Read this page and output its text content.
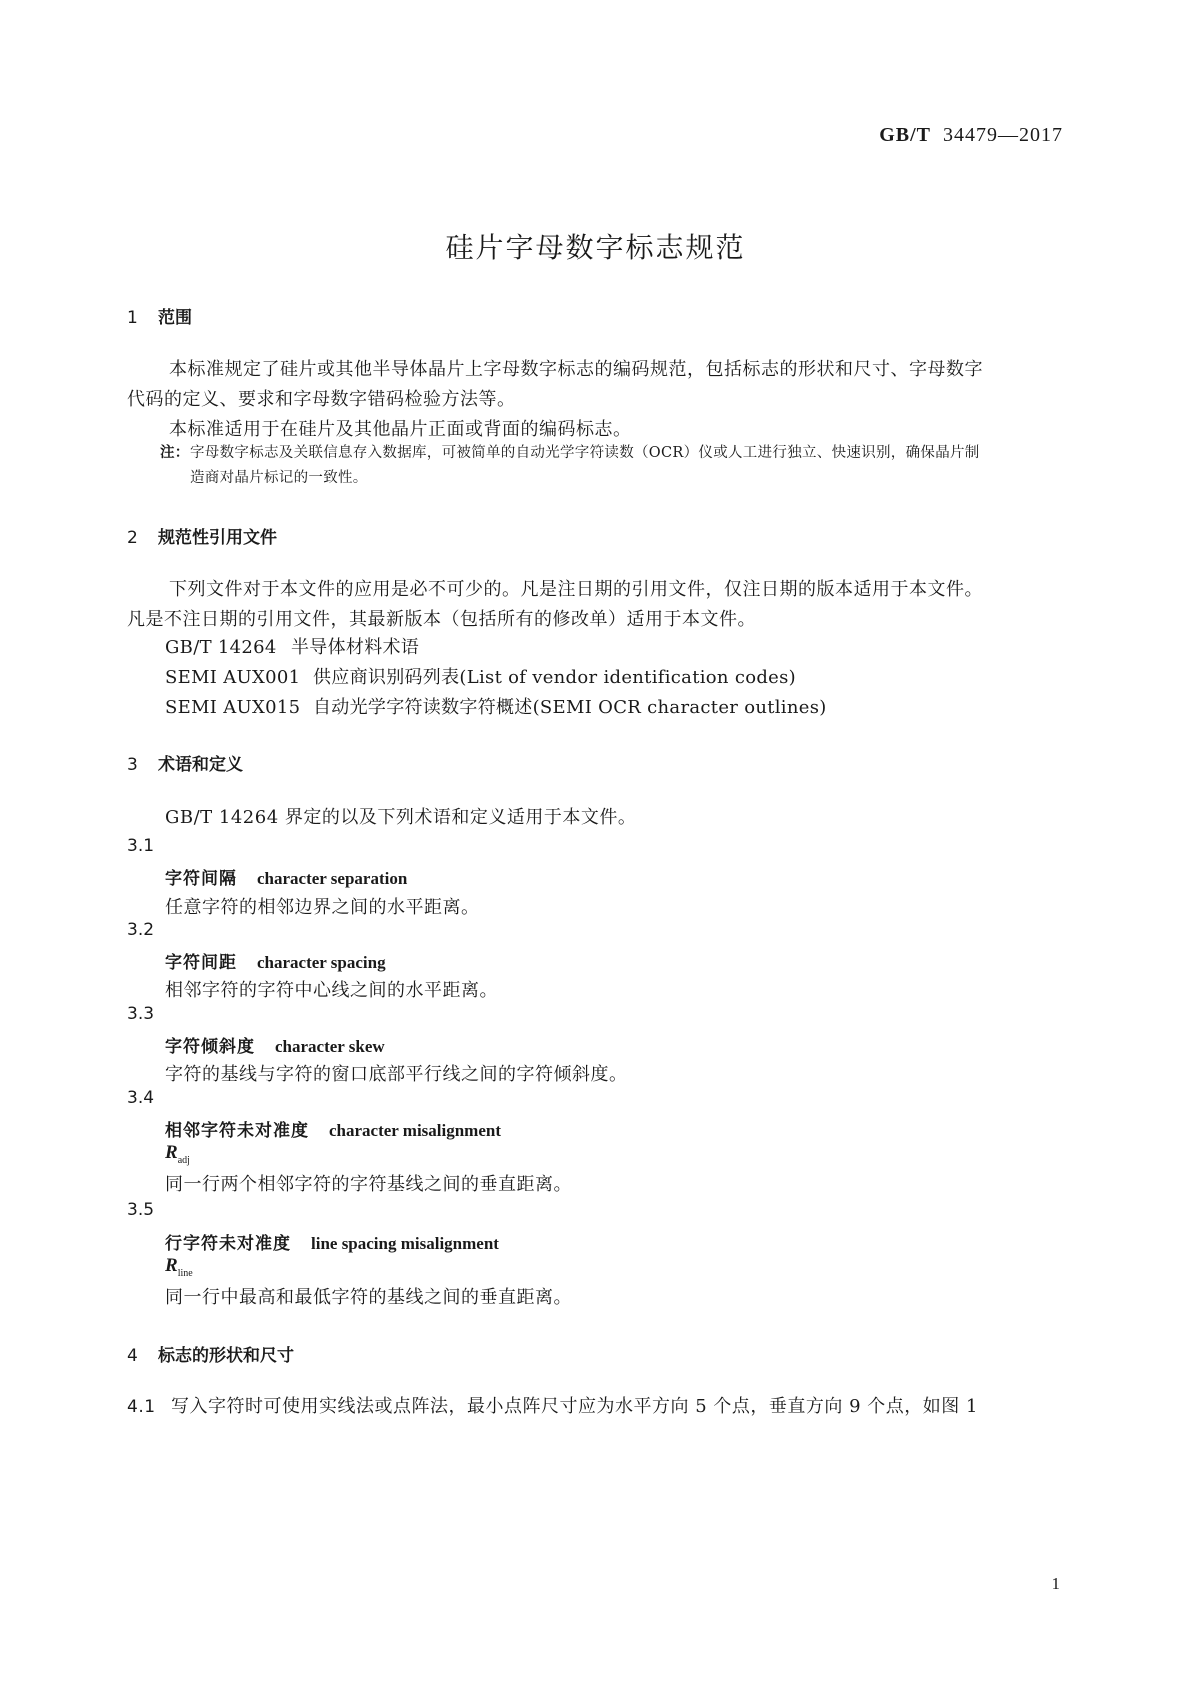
GB/T 34479—2017
硅片字母数字标志规范
1 范围

本标准规定了硅片或其他半导体晶片上字母数字标志的编码规范，包括标志的形状和尺寸、字母数字代码的定义、要求和字母数字错码检验方法等。

本标准适用于在硅片及其他晶片正面或背面的编码标志。

注： 字母数字标志及关联信息存入数据库，可被简单的自动光学字符读数（OCR）仪或人工进行独立、快速识别，确保晶片制造商对晶片标记的一致性。
2 规范性引用文件

下列文件对于本文件的应用是必不可少的。凡是注日期的引用文件，仅注日期的版本适用于本文件。凡是不注日期的引用文件，其最新版本（包括所有的修改单）适用于本文件。

GB/T 14264 半导体材料术语
SEMI AUX001 供应商识别码列表(List of vendor identification codes)
SEMI AUX015 自动光学字符读数字符概述(SEMI OCR character outlines)
3 术语和定义
GB/T 14264 界定的以及下列术语和定义适用于本文件。
3.1
字符间隔 character separation
任意字符的相邻边界之间的水平距离。
3.2
字符间距 character spacing
相邻字符的字符中心线之间的水平距离。
3.3
字符倾斜度 character skew
字符的基线与字符的窗口底部平行线之间的字符倾斜度。
3.4
相邻字符未对准度 character misalignment
$R_{adj}$
同一行两个相邻字符的字符基线之间的垂直距离。
3.5
行字符未对准度 line spacing misalignment
$R_{line}$
同一行中最高和最低字符的基线之间的垂直距离。
4 标志的形状和尺寸
4.1 写入字符时可使用实线法或点阵法，最小点阵尺寸应为水平方向 5 个点，垂直方向 9 个点，如图 1
1
